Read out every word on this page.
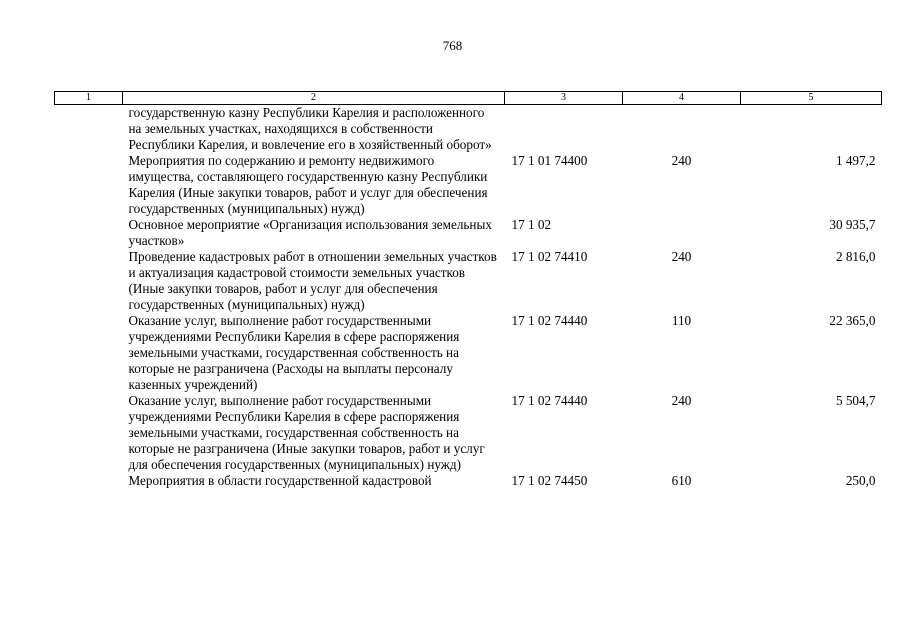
768
1	2	3	4	5
	государственную казну Республики Карелия и расположенного на земельных участках, находящихся в собственности Республики Карелия, и вовлечение его в хозяйственный оборот»			
	Мероприятия по содержанию и ремонту недвижимого имущества, составляющего государственную казну Республики Карелия (Иные закупки товаров, работ и услуг для обеспечения государственных (муниципальных) нужд)	17 1 01 74400	240	1 497,2
	Основное мероприятие «Организация использования земельных участков»	17 1 02		30 935,7
	Проведение кадастровых работ в отношении земельных участков и актуализация кадастровой стоимости земельных участков (Иные закупки товаров, работ и услуг для обеспечения государственных (муниципальных) нужд)	17 1 02 74410	240	2 816,0
	Оказание услуг, выполнение работ государственными учреждениями Республики Карелия в сфере распоряжения земельными участками, государственная собственность на которые не разграничена (Расходы на выплаты персоналу казенных учреждений)	17 1 02 74440	110	22 365,0
	Оказание услуг, выполнение работ государственными учреждениями Республики Карелия в сфере распоряжения земельными участками, государственная собственность на которые не разграничена (Иные закупки товаров, работ и услуг для обеспечения государственных (муниципальных) нужд)	17 1 02 74440	240	5 504,7
	Мероприятия в области государственной кадастровой	17 1 02 74450	610	250,0
